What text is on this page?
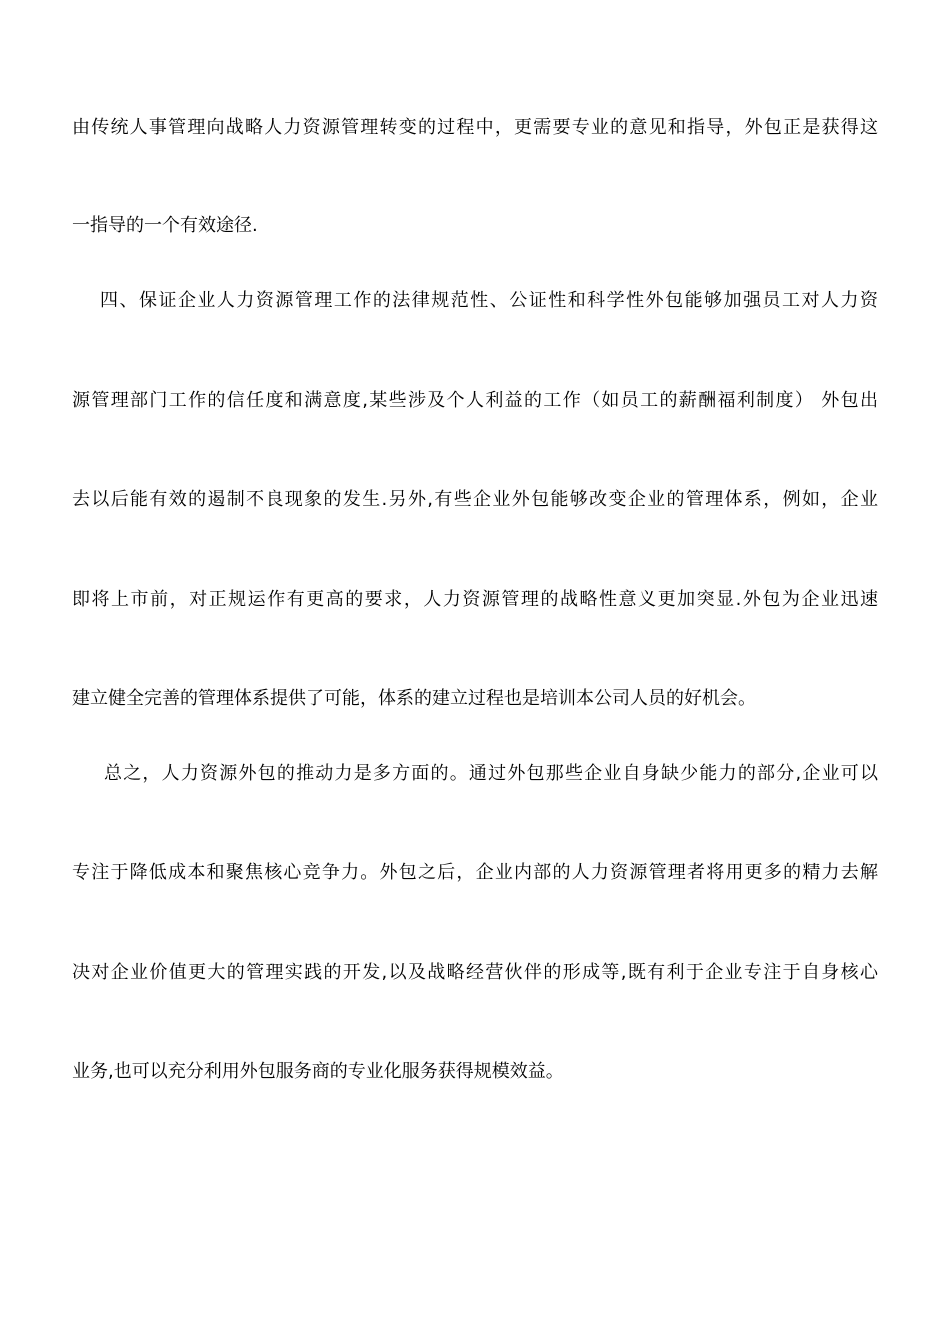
由传统人事管理向战略人力资源管理转变的过程中，更需要专业的意见和指导，外包正是获得这
一指导的一个有效途径.
四、保证企业人力资源管理工作的法律规范性、公证性和科学性外包能够加强员工对人力资
源管理部门工作的信任度和满意度,某些涉及个人利益的工作（如员工的薪酬福利制度） 外包出
去以后能有效的遏制不良现象的发生.另外,有些企业外包能够改变企业的管理体系，例如，企业
即将上市前，对正规运作有更高的要求，人力资源管理的战略性意义更加突显.外包为企业迅速
建立健全完善的管理体系提供了可能，体系的建立过程也是培训本公司人员的好机会。
总之，人力资源外包的推动力是多方面的。通过外包那些企业自身缺少能力的部分,企业可以
专注于降低成本和聚焦核心竞争力。外包之后，企业内部的人力资源管理者将用更多的精力去解
决对企业价值更大的管理实践的开发,以及战略经营伙伴的形成等,既有利于企业专注于自身核心
业务,也可以充分利用外包服务商的专业化服务获得规模效益。
